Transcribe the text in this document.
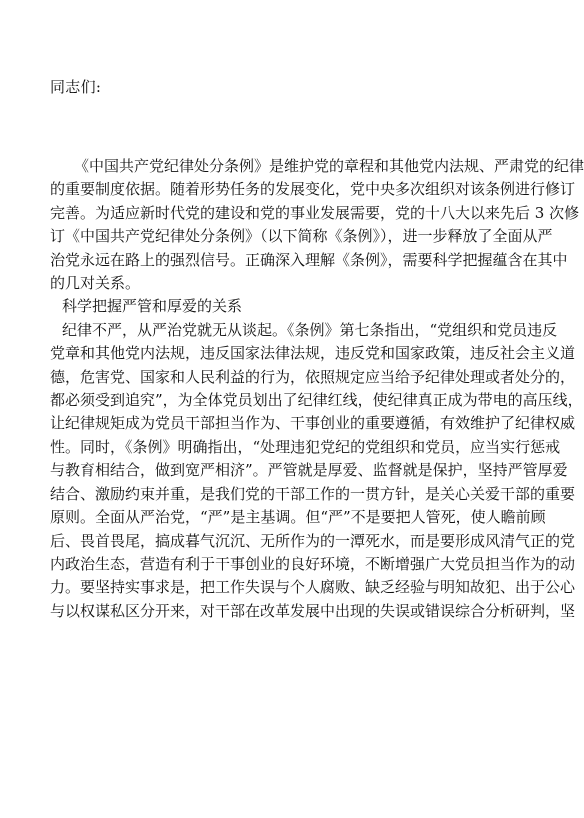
同志们:
《中国共产党纪律处分条例》是维护党的章程和其他党内法规、严肃党的纪律
的重要制度依据。随着形势任务的发展变化，党中央多次组织对该条例进行修订
完善。为适应新时代党的建设和党的事业发展需要，党的十八大以来先后 3 次修
订《中国共产党纪律处分条例》（以下简称《条例》），进一步释放了全面从严
治党永远在路上的强烈信号。正确深入理解《条例》，需要科学把握蕴含在其中
的几对关系。
科学把握严管和厚爱的关系
纪律不严，从严治党就无从谈起。《条例》第七条指出，“党组织和党员违反
党章和其他党内法规，违反国家法律法规，违反党和国家政策，违反社会主义道
德，危害党、国家和人民利益的行为，依照规定应当给予纪律处理或者处分的，
都必须受到追究”，为全体党员划出了纪律红线，使纪律真正成为带电的高压线，
让纪律规矩成为党员干部担当作为、干事创业的重要遵循，有效维护了纪律权威
性。同时，《条例》明确指出，“处理违犯党纪的党组织和党员，应当实行惩戒
与教育相结合，做到宽严相济”。严管就是厚爱、监督就是保护，坚持严管厚爱
结合、激励约束并重，是我们党的干部工作的一贯方针，是关心关爱干部的重要
原则。全面从严治党，“严”是主基调。但“严”不是要把人管死，使人瞻前顾
后、畏首畏尾，搞成暮气沉沉、无所作为的一潭死水，而是要形成风清气正的党
内政治生态，营造有利于干事创业的良好环境，不断增强广大党员担当作为的动
力。要坚持实事求是，把工作失误与个人腐败、缺乏经验与明知故犯、出于公心
与以权谋私区分开来，对干部在改革发展中出现的失误或错误综合分析研判，坚
